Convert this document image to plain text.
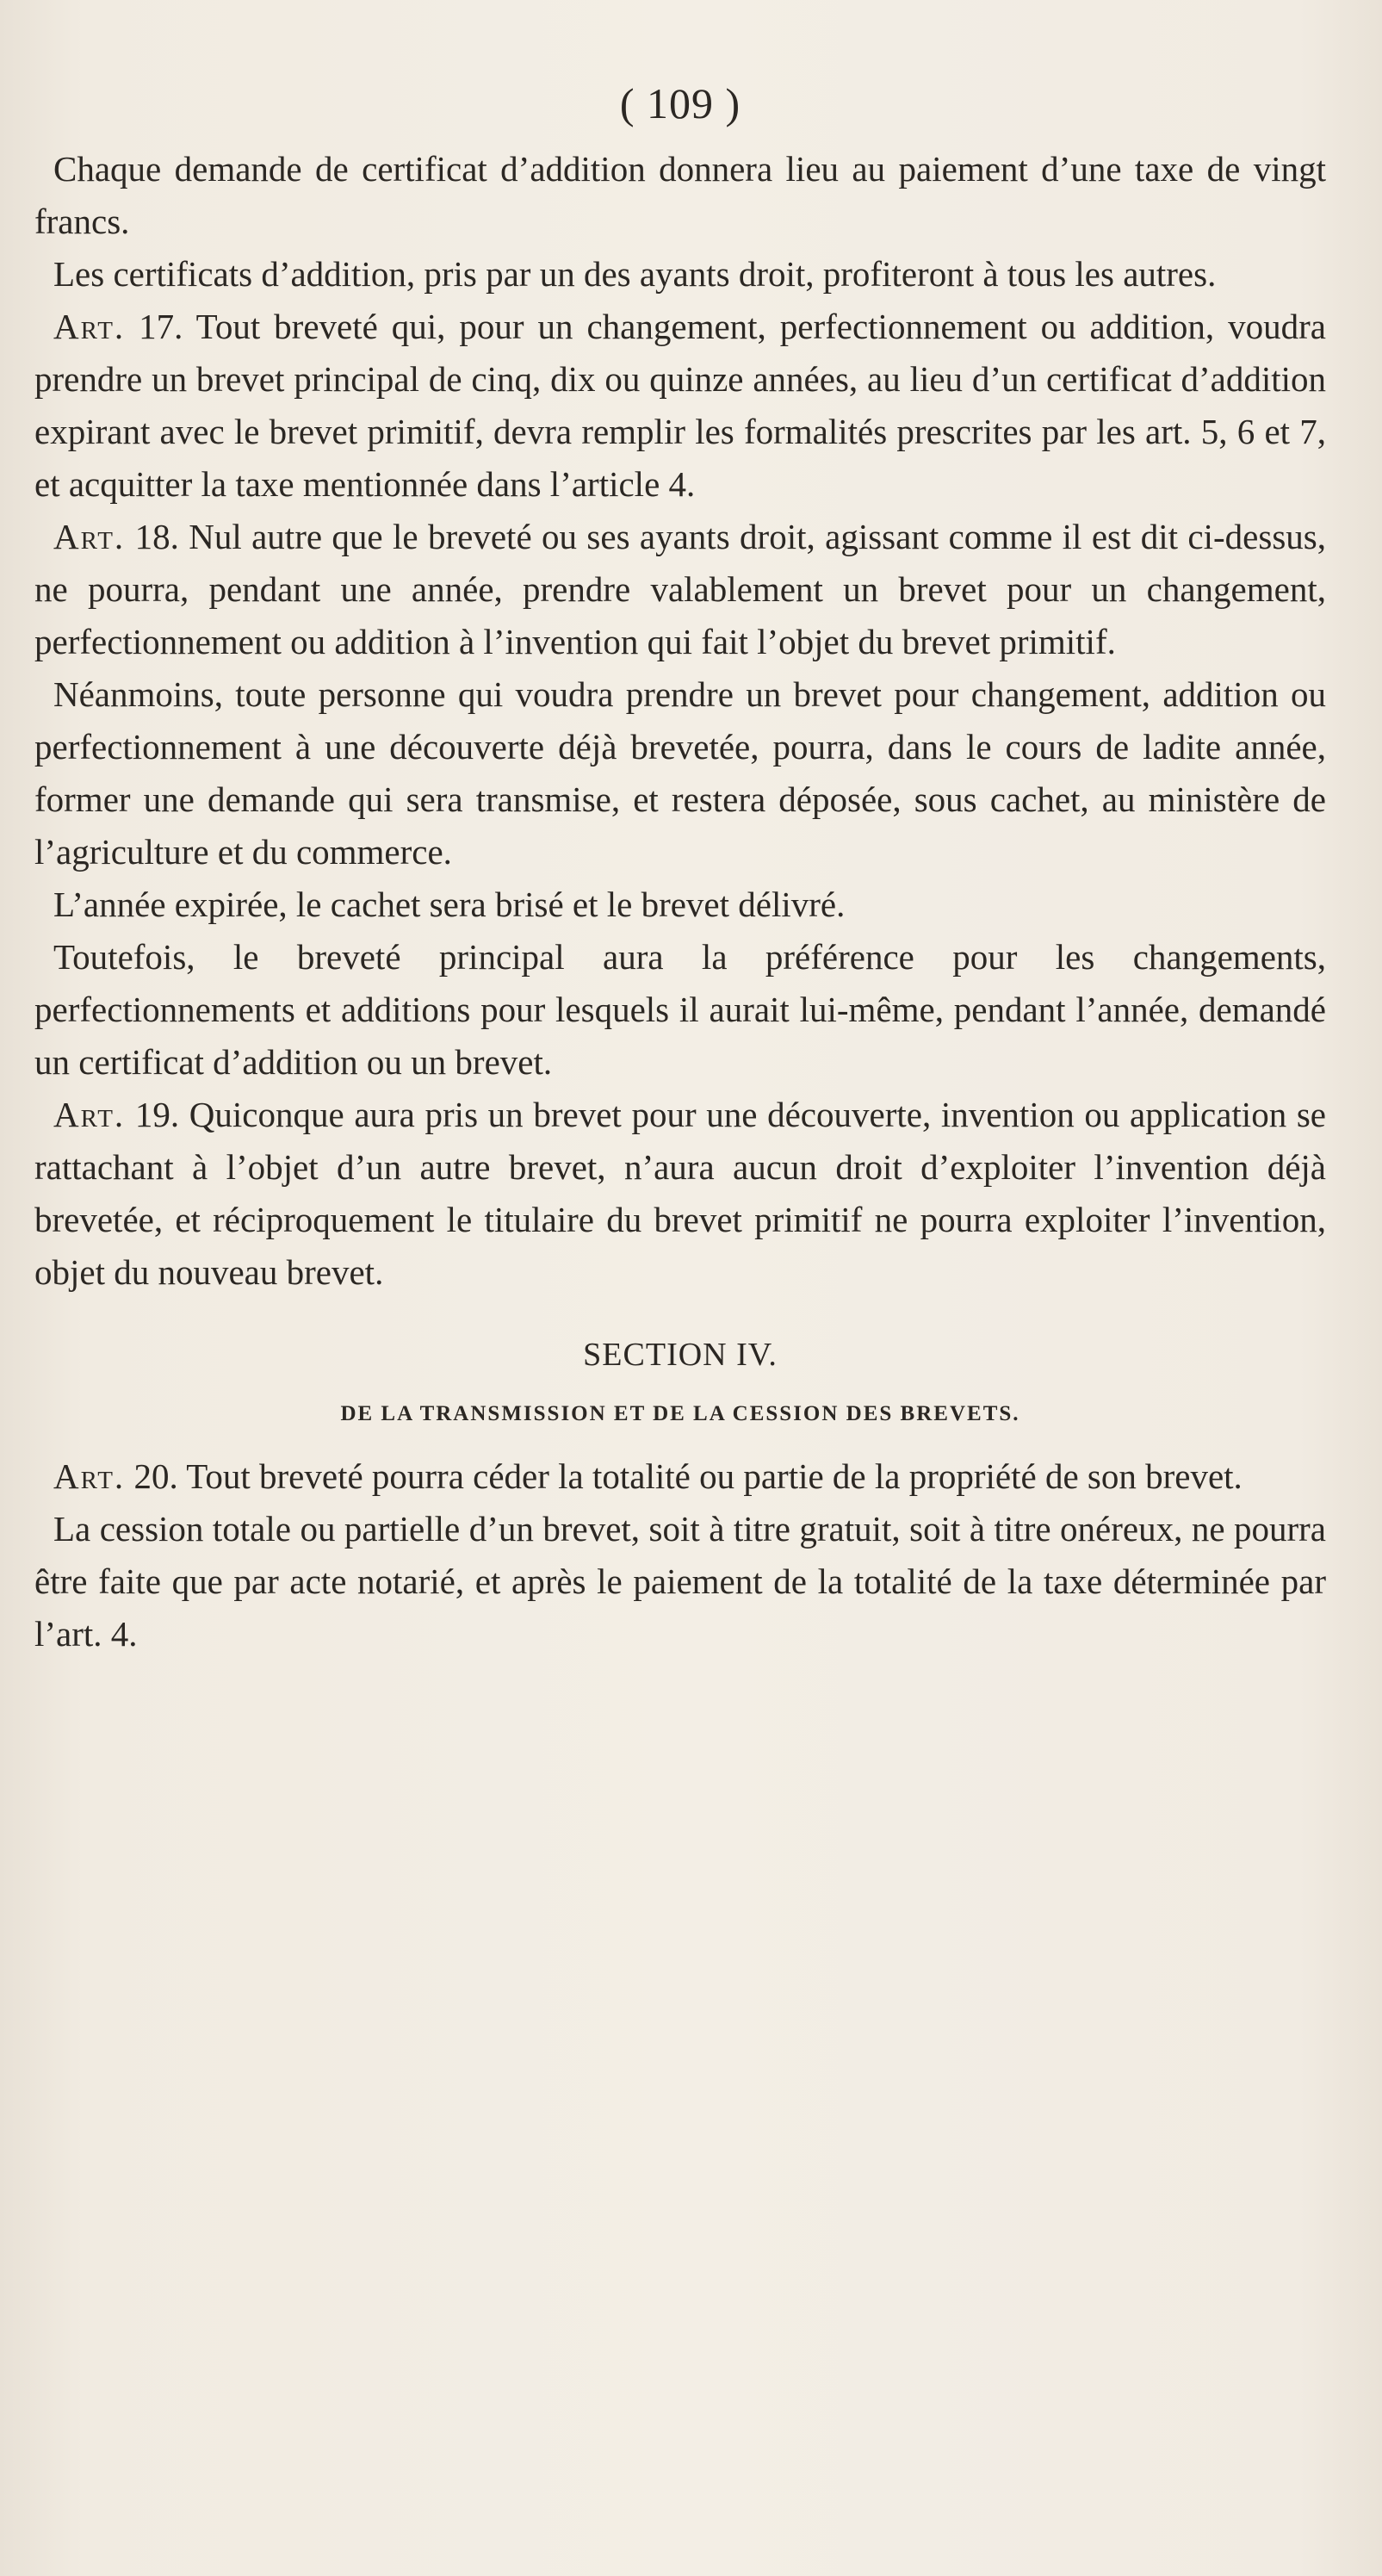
( 109 )

Chaque demande de certificat d’addition donnera lieu au paiement d’une taxe de vingt francs.

Les certificats d’addition, pris par un des ayants droit, profiteront à tous les autres.

Art. 17. Tout breveté qui, pour un changement, perfectionnement ou addition, voudra prendre un brevet principal de cinq, dix ou quinze années, au lieu d’un certificat d’addition expirant avec le brevet primitif, devra remplir les formalités prescrites par les art. 5, 6 et 7, et acquitter la taxe mentionnée dans l’article 4.

Art. 18. Nul autre que le breveté ou ses ayants droit, agissant comme il est dit ci-dessus, ne pourra, pendant une année, prendre valablement un brevet pour un changement, perfectionnement ou addition à l’invention qui fait l’objet du brevet primitif.

Néanmoins, toute personne qui voudra prendre un brevet pour changement, addition ou perfectionnement à une découverte déjà brevetée, pourra, dans le cours de ladite année, former une demande qui sera transmise, et restera déposée, sous cachet, au ministère de l’agriculture et du commerce.

L’année expirée, le cachet sera brisé et le brevet délivré.

Toutefois, le breveté principal aura la préférence pour les changements, perfectionnements et additions pour lesquels il aurait lui-même, pendant l’année, demandé un certificat d’addition ou un brevet.

Art. 19. Quiconque aura pris un brevet pour une découverte, invention ou application se rattachant à l’objet d’un autre brevet, n’aura aucun droit d’exploiter l’invention déjà brevetée, et réciproquement le titulaire du brevet primitif ne pourra exploiter l’invention, objet du nouveau brevet.

SECTION IV.
DE LA TRANSMISSION ET DE LA CESSION DES BREVETS.

Art. 20. Tout breveté pourra céder la totalité ou partie de la propriété de son brevet.

La cession totale ou partielle d’un brevet, soit à titre gratuit, soit à titre onéreux, ne pourra être faite que par acte notarié, et après le paiement de la totalité de la taxe déterminée par l’art. 4.
